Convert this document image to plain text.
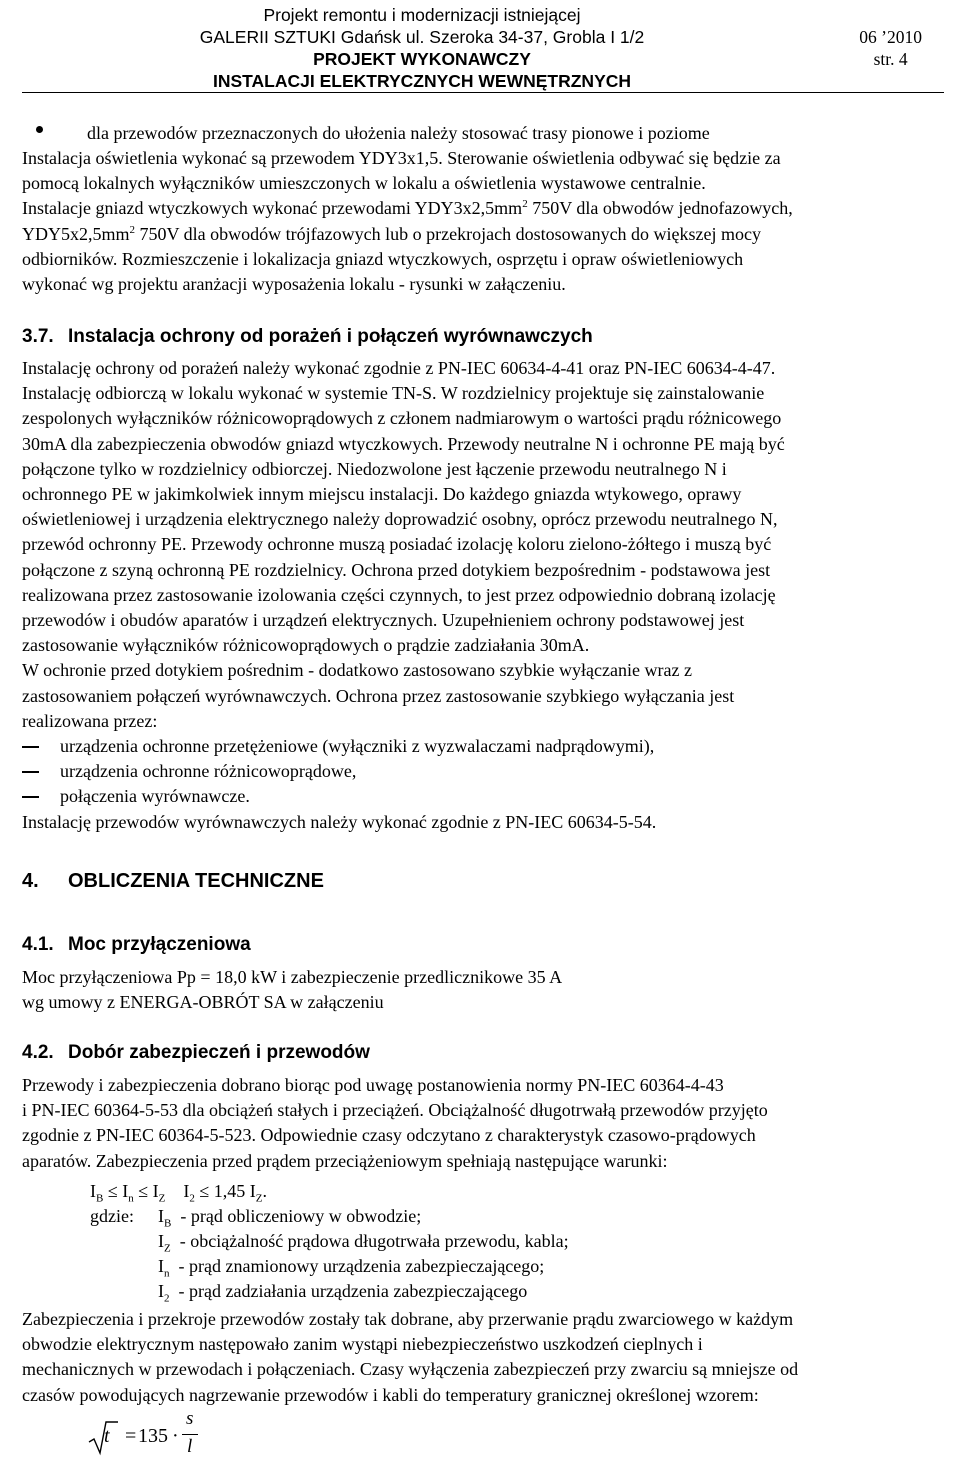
Projekt remontu i modernizacji istniejącej
GALERII SZTUKI Gdańsk ul. Szeroka 34-37, Grobla I 1/2
PROJEKT WYKONAWCZY
INSTALACJI ELEKTRYCZNYCH WEWNĘTRZNYCH
06 ’2010
str. 4

dla przewodów przeznaczonych do ułożenia należy stosować trasy pionowe i poziome

Instalacja oświetlenia wykonać są przewodem YDY3x1,5. Sterowanie oświetlenia odbywać się będzie za

pomocą lokalnych wyłączników umieszczonych w lokalu a oświetlenia wystawowe centralnie.

Instalacje gniazd wtyczkowych wykonać przewodami $YDY3x2,5mm^2$ 750V dla obwodów jednofazowych,

$YDY5x2,5mm^2$ 750V dla obwodów trójfazowych lub o przekrojach dostosowanych do większej mocy

odbiorników. Rozmieszczenie i lokalizacja gniazd wtyczkowych, osprzętu i opraw oświetleniowych

wykonać wg projektu aranżacji wyposażenia lokalu - rysunki w załączeniu.

3.7. Instalacja ochrony od porażeń i połączeń wyrównawczych

Instalację ochrony od porażeń należy wykonać zgodnie z PN-IEC 60634-4-41 oraz PN-IEC 60634-4-47.

Instalację odbiorczą w lokalu wykonać w systemie TN-S. W rozdzielnicy projektuje się zainstalowanie

zespolonych wyłączników różnicowoprądowych z członem nadmiarowym o wartości prądu różnicowego

30mA dla zabezpieczenia obwodów gniazd wtyczkowych. Przewody neutralne N i ochronne PE mają być

połączone tylko w rozdzielnicy odbiorczej. Niedozwolone jest łączenie przewodu neutralnego N i

ochronnego PE w jakimkolwiek innym miejscu instalacji. Do każdego gniazda wtykowego, oprawy

oświetleniowej i urządzenia elektrycznego należy doprowadzić osobny, oprócz przewodu neutralnego N,

przewód ochronny PE. Przewody ochronne muszą posiadać izolację koloru zielono-żółtego i muszą być

połączone z szyną ochronną PE rozdzielnicy. Ochrona przed dotykiem bezpośrednim - podstawowa jest

realizowana przez zastosowanie izolowania części czynnych, to jest przez odpowiednio dobraną izolację

przewodów i obudów aparatów i urządzeń elektrycznych. Uzupełnieniem ochrony podstawowej jest

zastosowanie wyłączników różnicowoprądowych o prądzie zadziałania 30mA.

W ochronie przed dotykiem pośrednim - dodatkowo zastosowano szybkie wyłączanie wraz z

zastosowaniem połączeń wyrównawczych. Ochrona przez zastosowanie szybkiego wyłączania jest

realizowana przez:

urządzenia ochronne przetężeniowe (wyłączniki z wyzwalaczami nadprądowymi),
urządzenia ochronne różnicowoprądowe,
połączenia wyrównawcze.

Instalację przewodów wyrównawczych należy wykonać zgodnie z PN-IEC 60634-5-54.

4. OBLICZENIA TECHNICZNE
4.1. Moc przyłączeniowa

Moc przyłączeniowa Pp = 18,0 kW i zabezpieczenie przedlicznikowe 35 A

wg umowy z ENERGA-OBRÓT SA w załączeniu

4.2. Dobór zabezpieczeń i przewodów

Przewody i zabezpieczenia dobrano biorąc pod uwagę postanowienia normy PN-IEC 60364-4-43

i PN-IEC 60364-5-53 dla obciążeń stałych i przeciążeń. Obciążalność długotrwałą przewodów przyjęto

zgodnie z PN-IEC 60364-5-523. Odpowiednie czasy odczytano z charakterystyk czasowo-prądowych

aparatów. Zabezpieczenia przed prądem przeciążeniowym spełniają następujące warunki:

$I_B \le I_n \le I_Z$ $I_2 \le 1,45$ $I_Z$.
gdzie: $I_B$ - prąd obliczeniowy w obwodzie;
$I_Z$ - obciążalność prądowa długotrwała przewodu, kabla;
$I_n$ - prąd znamionowy urządzenia zabezpieczającego;
$I_2$ - prąd zadziałania urządzenia zabezpieczającego

Zabezpieczenia i przekroje przewodów zostały tak dobrane, aby przerwanie prądu zwarciowego w każdym

obwodzie elektrycznym następowało zanim wystąpi niebezpieczeństwo uszkodzeń cieplnych i

mechanicznych w przewodach i połączeniach. Czasy wyłączenia zabezpieczeń przy zwarciu są mniejsze od

czasów powodujących nagrzewanie przewodów i kabli do temperatury granicznej określonej wzorem:

t = 135 ·
s
l
